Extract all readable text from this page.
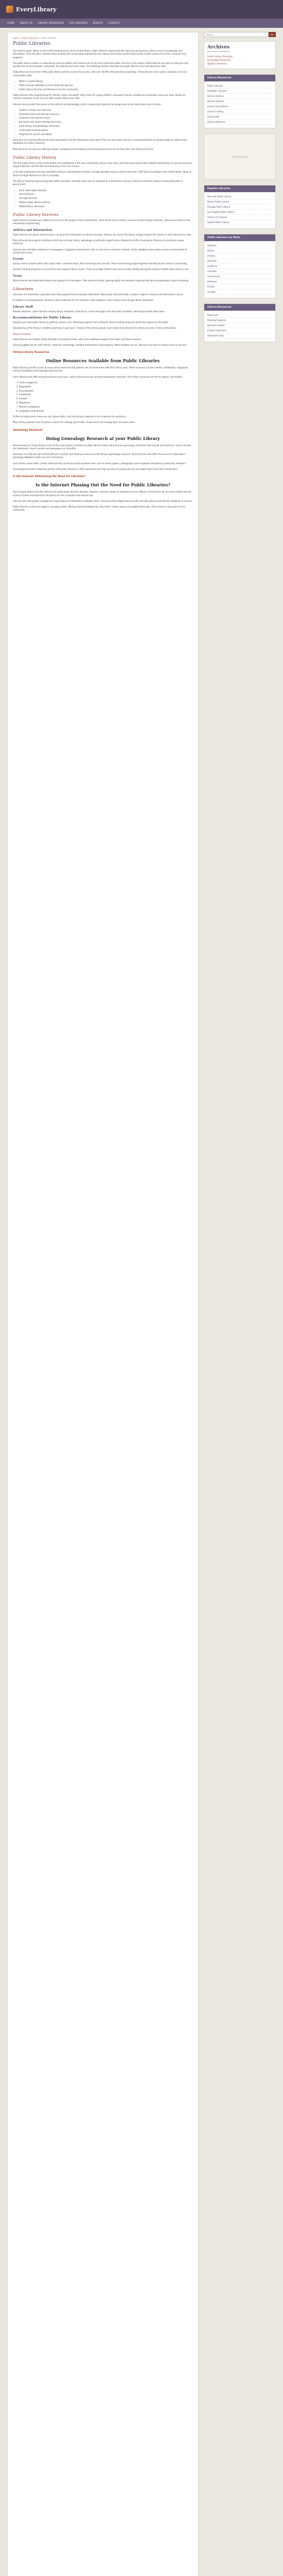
EveryLibrary
HOME ABOUT US LIBRARY RESOURCES FOR LIBRARIES DONATE CONTACT
Home » Library Resources » Public Libraries
Public Libraries

The need to public library is one of the founding forces of the United States. Public libraries helped build the nation by giving every citizen access to knowledge and information. Over the years, libraries have evolved from simple book repositories into vibrant community centers that provide a wide variety of services, resources and programs.

The public library system is supported by local tax dollars and remains one of the most important public services in the country. Public libraries are open to everyone and provide free access to books, computers, the internet and much more. The following sections describe how public libraries work and what they offer.

Today there are more than 9,000 public library systems across the country, with over 16,000 individual library buildings. These libraries serve urban, suburban and rural communities alike.

• What is a public library
• Public Libraries definition and for whom the libraries
• Public Library Services and Resources for the Community

Public libraries offer programming for children, teens and adults. Story times for young children, homework help for students and computer classes for older adults are common examples of the services that a public library may offer.

Libraries also provide free access to the internet and technology, which is especially important for people who do not have those tools at home.

• Children's books and materials
• Homework help and tutoring resources
• Computer and internet access
• Job search and career development help
• Local history and genealogy collections
• Community meeting spaces
• Programs for seniors and adults

Librarians are trained professionals who help patrons find the information they need. They can assist with research, recommend books and guide people to useful online databases and other resources.

Many libraries are now also offering e-books, audiobooks and streaming media that patrons can access from their own devices at home.

Public Library History

The first public library in the United States was established in the early nineteenth century. Over time, state laws were passed that allowed communities to use tax money to support libraries, and the idea spread quickly across the country.

In the late nineteenth and early twentieth centuries, philanthropist Andrew Carnegie donated money to build more than 1,600 library buildings in the United States. Many of these Carnegie libraries are still in use today.

The library movement grew along with public education, and both were seen as essential to a democratic society in which an informed citizenry could participate in government.

• Early subscription libraries
• Social libraries
• Carnegie libraries
• Modern public library systems
• Digital library collections
Public Library Services

Public libraries provide many different services to the people in their communities. Some of the most common services include lending materials, reference assistance and educational programming.

Articles and Information

Public libraries are places where anyone can go to find information on almost any topic. Patrons can search the library catalog, browse the shelves or ask a librarian for help.

Many libraries have special collections that focus on local history, genealogy or particular subject areas. Researchers often travel great distances to use these unique materials.

Libraries also maintain collections of newspapers, magazines and journals, both in print and in electronic formats. Online databases give patrons access to thousands of articles from home.

Events

Library events include author talks, book clubs, craft workshops, film screenings and concerts. These events bring people together and help build a sense of community.

Summer reading programs are one of the most popular library events. They encourage children and teens to keep reading during the summer months when school is out.

Teens

Many libraries have dedicated spaces and programs for teenagers. Teen advisory boards, gaming nights and volunteer opportunities give young people a place to belong.

Librarians

Librarians are information specialists who help people find and evaluate information. Most public librarians hold a master's degree in library and information science.

In addition to helping patrons, librarians select materials for the collection, plan programs, teach classes and manage library operations.

Library Staff

Besides librarians, public libraries employ library assistants, technicians, clerks and pages who help with circulation, shelving and other daily tasks.

Recommendations for Public Library

Support your local public library by getting a library card, attending programs and voting for library funding measures when they appear on the ballot.

Volunteering at the library is another great way to give back. Friends of the Library groups raise money and advocate for library services in their communities.

Table of Contents

Public libraries are funded mostly through local property taxes, with some additional support from state and federal sources.

Library budgets pay for staff salaries, materials, technology, building maintenance and programs. When budgets are cut, libraries may have to reduce hours or services.

Online Library Resources
Online Resources Available from Public Libraries

Public libraries provide access to many online resources that patrons can use from home with their library card. These resources include e-books, audiobooks, magazines, research databases and language learning tools.

Some libraries also offer streaming movies and music, online tutoring services and test preparation materials. All of these resources are free for library card holders.

1. Online magazines
2. Biographies
3. Encyclopedias
4. Audiobooks
5. E-books
6. Magazines
7. Research databases
8. Language learning tools

To find out what online resources your library offers, visit the library's website or ask a librarian for assistance.

Many library websites also let patrons search the catalog, place holds, renew items and manage their accounts online.

Genealogy Research
Doing Genealogy Research at your Public Library

Researching your family history is one of the most popular activities at public libraries. Many libraries have genealogy collections that include local histories, census records, city directories, church records and newspapers on microfilm.

Librarians can help you get started with your research and show you how to use the library's genealogy resources. Some libraries also offer free access to subscription genealogy databases while you are in the library.

Local history rooms often contain materials that cannot be found anywhere else, such as family papers, photographs and scrapbooks donated by community members.

Genealogical societies frequently partner with public libraries to offer workshops and help sessions for people who are just beginning to trace their family trees.

Is the Internet Eliminating the Need for Libraries?
Is the Internet Phasing Out the Need for Public Libraries?

Some people believe that the internet has made public libraries obsolete. However, libraries remain as important as ever. Millions of Americans do not have reliable internet access at home and depend on the library for free computer and internet use.

Libraries also help people navigate the huge amount of information available online. Librarians teach digital literacy skills and help patrons evaluate the reliability of sources.

Public libraries continue to adapt to changing needs, offering new technologies like 3D printers, maker spaces and digital media labs. They remain a vital part of every community.

Search
Go
Archives
Free Library Resources
Public Library Directory
Genealogy Resources
Digital Collections
Library Resources
Public Libraries
Academic Libraries
School Libraries
Special Libraries
Library Associations
Library Funding
Library Jobs
Library Advocacy
Advertisement
Popular Libraries
New York Public Library
Boston Public Library
Chicago Public Library
Los Angeles Public Library
Library of Congress
Seattle Public Library
Public Libraries by State
Alabama
Alaska
Arizona
Arkansas
California
Colorado
Connecticut
Delaware
Florida
Georgia
Library Resources
Book Lists
Reading Programs
Research Guides
E-book Collections
Homework Help
